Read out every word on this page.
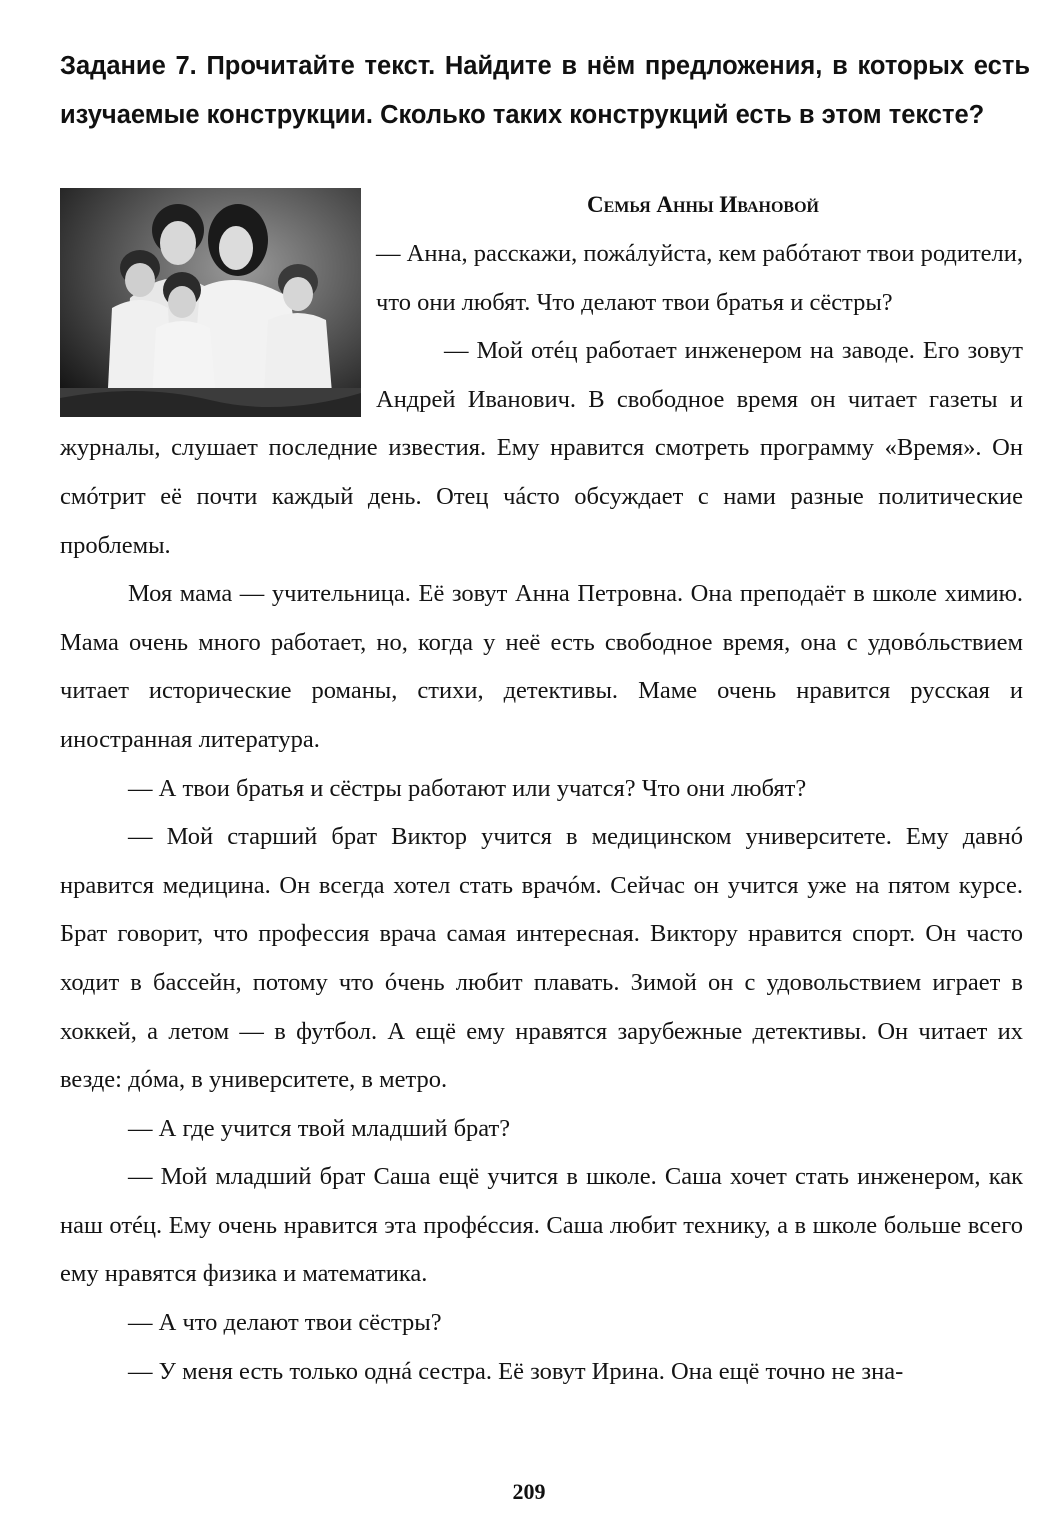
Задание 7. Прочитайте текст. Найдите в нём предложения, в которых есть изучаемые конструкции. Сколько таких конструкций есть в этом тексте?
Семья Анны Ивановой

— Анна, расскажи, пожáлуйста, кем рабóтают твои родители, что они любят. Что делают твои братья и сёстры?

— Мой отéц работает инженером на заводе. Его зовут Андрей Иванович. В свободное время он читает газеты и журналы, слушает последние известия. Ему нравится смотреть программу «Время». Он смóтрит её почти каждый день. Отец чáсто обсуждает с нами разные политические проблемы.

Моя мама — учительница. Её зовут Анна Петровна. Она преподаёт в школе химию. Мама очень много работает, но, когда у неё есть свободное время, она с удовóльствием читает исторические романы, стихи, детективы. Маме очень нравится русская и иностранная литература.

— А твои братья и сёстры работают или учатся? Что они любят?

— Мой старший брат Виктор учится в медицинском университете. Ему давнó нравится медицина. Он всегда хотел стать врачóм. Сейчас он учится уже на пятом курсе. Брат говорит, что профессия врача самая интересная. Виктору нравится спорт. Он часто ходит в бассейн, потому что óчень любит плавать. Зимой он с удовольствием играет в хоккей, а летом — в футбол. А ещё ему нравятся зарубежные детективы. Он читает их везде: дóма, в университете, в метро.

— А где учится твой младший брат?

— Мой младший брат Саша ещё учится в школе. Саша хочет стать инженером, как наш отéц. Ему очень нравится эта профéссия. Саша любит технику, а в школе больше всего ему нравятся физика и математика.

— А что делают твои сёстры?

— У меня есть только однá сестра. Её зовут Ирина. Она ещё точно не зна-

209
